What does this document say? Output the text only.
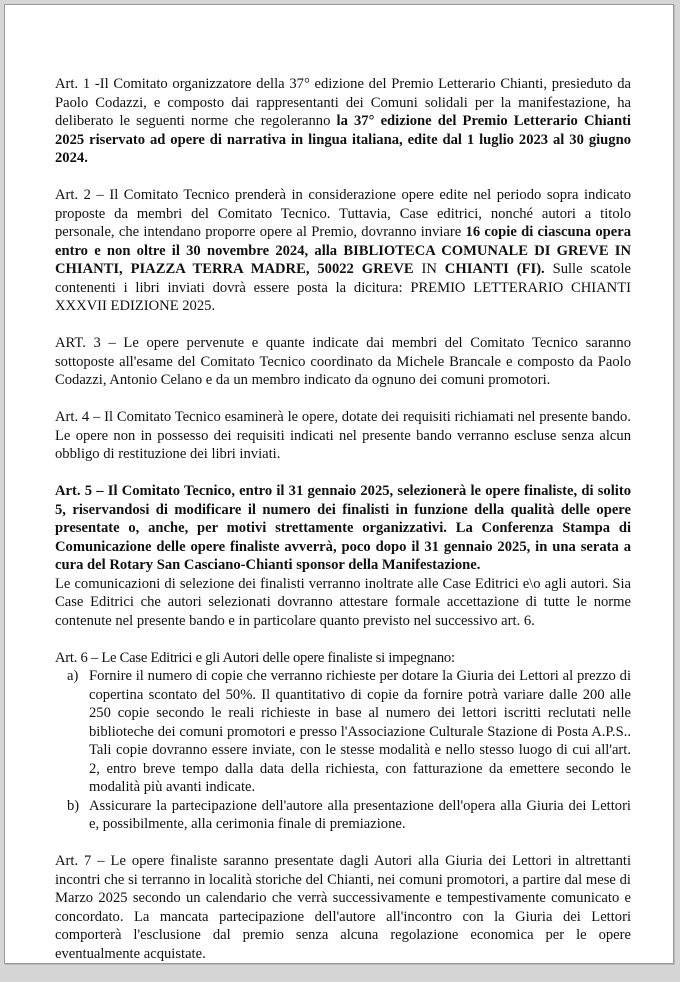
Art. 1 -Il Comitato organizzatore della 37° edizione del Premio Letterario Chianti, presieduto da Paolo Codazzi, e composto dai rappresentanti dei Comuni solidali per la manifestazione, ha deliberato le seguenti norme che regoleranno la 37° edizione del Premio Letterario Chianti 2025 riservato ad opere di narrativa in lingua italiana, edite dal 1 luglio 2023 al 30 giugno 2024.

Art. 2 – Il Comitato Tecnico prenderà in considerazione opere edite nel periodo sopra indicato proposte da membri del Comitato Tecnico. Tuttavia, Case editrici, nonché autori a titolo personale, che intendano proporre opere al Premio, dovranno inviare 16 copie di ciascuna opera entro e non oltre il 30 novembre 2024, alla BIBLIOTECA COMUNALE DI GREVE IN CHIANTI, PIAZZA TERRA MADRE, 50022 GREVE IN CHIANTI (FI). Sulle scatole contenenti i libri inviati dovrà essere posta la dicitura: PREMIO LETTERARIO CHIANTI XXXVII EDIZIONE 2025.

ART. 3 – Le opere pervenute e quante indicate dai membri del Comitato Tecnico saranno sottoposte all'esame del Comitato Tecnico coordinato da Michele Brancale e composto da Paolo Codazzi, Antonio Celano e da un membro indicato da ognuno dei comuni promotori.

Art. 4 – Il Comitato Tecnico esaminerà le opere, dotate dei requisiti richiamati nel presente bando. Le opere non in possesso dei requisiti indicati nel presente bando verranno escluse senza alcun obbligo di restituzione dei libri inviati.

Art. 5 – Il Comitato Tecnico, entro il 31 gennaio 2025, selezionerà le opere finaliste, di solito 5, riservandosi di modificare il numero dei finalisti in funzione della qualità delle opere presentate o, anche, per motivi strettamente organizzativi. La Conferenza Stampa di Comunicazione delle opere finaliste avverrà, poco dopo il 31 gennaio 2025, in una serata a cura del Rotary San Casciano-Chianti sponsor della Manifestazione.

Le comunicazioni di selezione dei finalisti verranno inoltrate alle Case Editrici e\o agli autori. Sia Case Editrici che autori selezionati dovranno attestare formale accettazione di tutte le norme contenute nel presente bando e in particolare quanto previsto nel successivo art. 6.

Art. 6 – Le Case Editrici e gli Autori delle opere finaliste si impegnano:

a) Fornire il numero di copie che verranno richieste per dotare la Giuria dei Lettori al prezzo di copertina scontato del 50%. Il quantitativo di copie da fornire potrà variare dalle 200 alle 250 copie secondo le reali richieste in base al numero dei lettori iscritti reclutati nelle biblioteche dei comuni promotori e presso l'Associazione Culturale Stazione di Posta A.P.S.. Tali copie dovranno essere inviate, con le stesse modalità e nello stesso luogo di cui all'art. 2, entro breve tempo dalla data della richiesta, con fatturazione da emettere secondo le modalità più avanti indicate.
b) Assicurare la partecipazione dell'autore alla presentazione dell'opera alla Giuria dei Lettori e, possibilmente, alla cerimonia finale di premiazione.

Art. 7 – Le opere finaliste saranno presentate dagli Autori alla Giuria dei Lettori in altrettanti incontri che si terranno in località storiche del Chianti, nei comuni promotori, a partire dal mese di Marzo 2025 secondo un calendario che verrà successivamente e tempestivamente comunicato e concordato. La mancata partecipazione dell'autore all'incontro con la Giuria dei Lettori comporterà l'esclusione dal premio senza alcuna regolazione economica per le opere eventualmente acquistate.
